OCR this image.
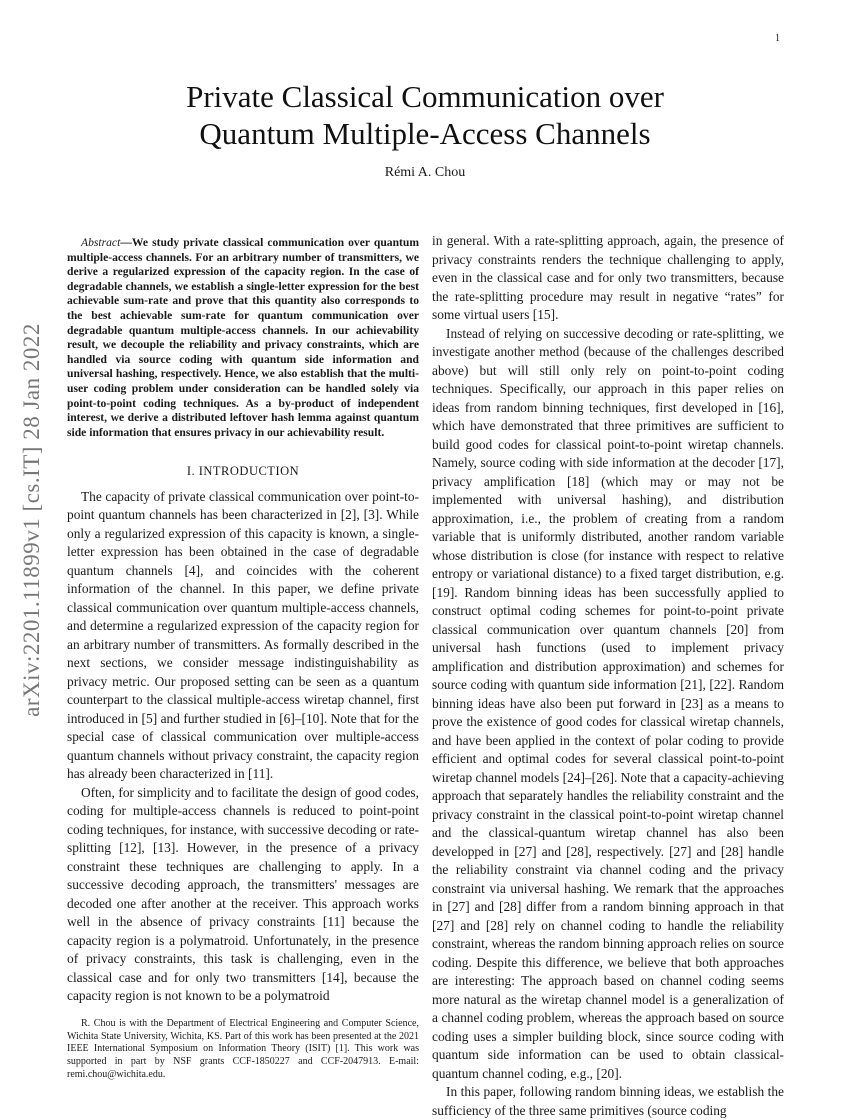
1
arXiv:2201.11899v1 [cs.IT] 28 Jan 2022
Private Classical Communication over
Quantum Multiple-Access Channels
Rémi A. Chou

Abstract—We study private classical communication over quantum multiple-access channels. For an arbitrary number of transmitters, we derive a regularized expression of the capacity region. In the case of degradable channels, we establish a single-letter expression for the best achievable sum-rate and prove that this quantity also corresponds to the best achievable sum-rate for quantum communication over degradable quantum multiple-access channels. In our achievability result, we decouple the reliability and privacy constraints, which are handled via source coding with quantum side information and universal hashing, respectively. Hence, we also establish that the multi-user coding problem under consideration can be handled solely via point-to-point coding techniques. As a by-product of independent interest, we derive a distributed leftover hash lemma against quantum side information that ensures privacy in our achievability result.

I. INTRODUCTION

The capacity of private classical communication over point-to-point quantum channels has been characterized in [2], [3]. While only a regularized expression of this capacity is known, a single-letter expression has been obtained in the case of degradable quantum channels [4], and coincides with the coherent information of the channel. In this paper, we define private classical communication over quantum multiple-access channels, and determine a regularized expression of the capacity region for an arbitrary number of transmitters. As formally described in the next sections, we consider message indistinguishability as privacy metric. Our proposed setting can be seen as a quantum counterpart to the classical multiple-access wiretap channel, first introduced in [5] and further studied in [6]–[10]. Note that for the special case of classical communication over multiple-access quantum channels without privacy constraint, the capacity region has already been characterized in [11].

Often, for simplicity and to facilitate the design of good codes, coding for multiple-access channels is reduced to point-point coding techniques, for instance, with successive decoding or rate-splitting [12], [13]. However, in the presence of a privacy constraint these techniques are challenging to apply. In a successive decoding approach, the transmitters' messages are decoded one after another at the receiver. This approach works well in the absence of privacy constraints [11] because the capacity region is a polymatroid. Unfortunately, in the presence of privacy constraints, this task is challenging, even in the classical case and for only two transmitters [14], because the capacity region is not known to be a polymatroid

R. Chou is with the Department of Electrical Engineering and Computer Science, Wichita State University, Wichita, KS. Part of this work has been presented at the 2021 IEEE International Symposium on Information Theory (ISIT) [1]. This work was supported in part by NSF grants CCF-1850227 and CCF-2047913. E-mail: remi.chou@wichita.edu.

in general. With a rate-splitting approach, again, the presence of privacy constraints renders the technique challenging to apply, even in the classical case and for only two transmitters, because the rate-splitting procedure may result in negative “rates” for some virtual users [15].

Instead of relying on successive decoding or rate-splitting, we investigate another method (because of the challenges described above) but will still only rely on point-to-point coding techniques. Specifically, our approach in this paper relies on ideas from random binning techniques, first developed in [16], which have demonstrated that three primitives are sufficient to build good codes for classical point-to-point wiretap channels. Namely, source coding with side information at the decoder [17], privacy amplification [18] (which may or may not be implemented with universal hashing), and distribution approximation, i.e., the problem of creating from a random variable that is uniformly distributed, another random variable whose distribution is close (for instance with respect to relative entropy or variational distance) to a fixed target distribution, e.g. [19]. Random binning ideas has been successfully applied to construct optimal coding schemes for point-to-point private classical communication over quantum channels [20] from universal hash functions (used to implement privacy amplification and distribution approximation) and schemes for source coding with quantum side information [21], [22]. Random binning ideas have also been put forward in [23] as a means to prove the existence of good codes for classical wiretap channels, and have been applied in the context of polar coding to provide efficient and optimal codes for several classical point-to-point wiretap channel models [24]–[26]. Note that a capacity-achieving approach that separately handles the reliability constraint and the privacy constraint in the classical point-to-point wiretap channel and the classical-quantum wiretap channel has also been developped in [27] and [28], respectively. [27] and [28] handle the reliability constraint via channel coding and the privacy constraint via universal hashing. We remark that the approaches in [27] and [28] differ from a random binning approach in that [27] and [28] rely on channel coding to handle the reliability constraint, whereas the random binning approach relies on source coding. Despite this difference, we believe that both approaches are interesting: The approach based on channel coding seems more natural as the wiretap channel model is a generalization of a channel coding problem, whereas the approach based on source coding uses a simpler building block, since source coding with quantum side information can be used to obtain classical-quantum channel coding, e.g., [20].

In this paper, following random binning ideas, we establish the sufficiency of the three same primitives (source coding
